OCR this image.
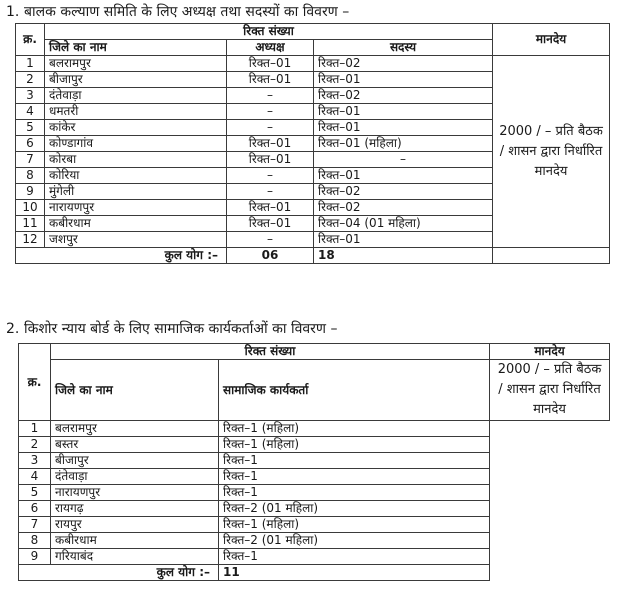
1. बालक कल्याण समिति के लिए अध्यक्ष तथा सदस्यों का विवरण –
क्र.	रिक्त संख्या			मानदेय
	जिले का नाम	अध्यक्ष	सदस्य	
1	बलरामपुर	रिक्त–01	रिक्त–02	2000 / – प्रति बैठक / शासन द्वारा निर्धारित मानदेय
2	बीजापुर	रिक्त–01	रिक्त–01	
3	दंतेवाड़ा	–	रिक्त–02	
4	धमतरी	–	रिक्त–01	
5	कांकेर	–	रिक्त–01	
6	कोण्डागांव	रिक्त–01	रिक्त–01 (महिला)	
7	कोरबा	रिक्त–01	–	
8	कोरिया	–	रिक्त–01	
9	मुंगेली	–	रिक्त–02	
10	नारायणपुर	रिक्त–01	रिक्त–02	
11	कबीरधाम	रिक्त–01	रिक्त–04 (01 महिला)	
12	जशपुर	–	रिक्त–01	
कुल योग :–		06	18	
2. किशोर न्याय बोर्ड के लिए सामाजिक कार्यकर्ताओं का विवरण –
क्र.	रिक्त संख्या		मानदेय
	जिले का नाम	सामाजिक कार्यकर्ता	2000 / – प्रति बैठक / शासन द्वारा निर्धारित मानदेय
1	बलरामपुर	रिक्त–1 (महिला)	
2	बस्तर	रिक्त–1 (महिला)	
3	बीजापुर	रिक्त–1	
4	दंतेवाड़ा	रिक्त–1	
5	नारायणपुर	रिक्त–1	
6	रायगढ़	रिक्त–2 (01 महिला)	
7	रायपुर	रिक्त–1 (महिला)	
8	कबीरधाम	रिक्त–2 (01 महिला)	
9	गरियाबंद	रिक्त–1	
कुल योग :–		11	
